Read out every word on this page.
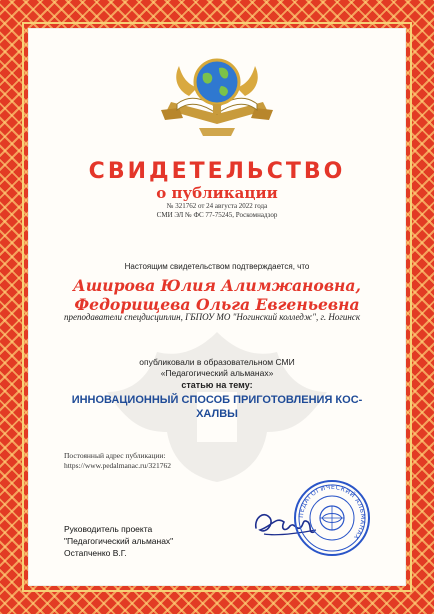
СВИДЕТЕЛЬСТВО
о публикации
№ 321762 от 24 августа 2022 года
СМИ ЭЛ № ФС 77-75245, Роскомнадзор
Настоящим свидетельством подтверждается, что
Аширова Юлия Алимжановна,
Федорищева Ольга Евгеньевна
преподаватели спецдисциплин, ГБПОУ МО "Ногинский колледж", г. Ногинск
опубликовали в образовательном СМИ
«Педагогический альманах»
статью на тему:
ИННОВАЦИОННЫЙ СПОСОБ ПРИГОТОВЛЕНИЯ КОС-ХАЛВЫ
Постоянный адрес публикации:
https://www.pedalmanac.ru/321762
Руководитель проекта
"Педагогический альманах"
Остапченко В.Г.
ПЕДАГОГИЧЕСКИЙ АЛЬМАНАХ
